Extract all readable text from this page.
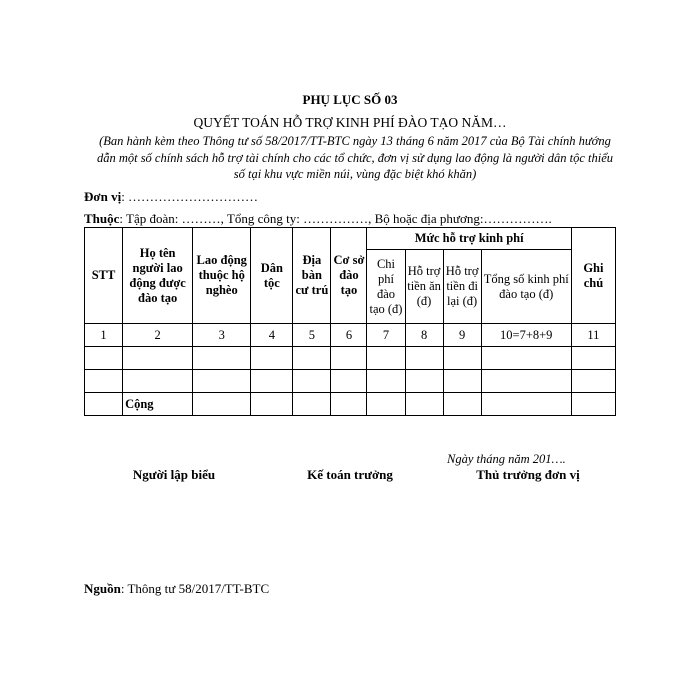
PHỤ LỤC SỐ 03
QUYẾT TOÁN HỖ TRỢ KINH PHÍ ĐÀO TẠO NĂM…
(Ban hành kèm theo Thông tư số 58/2017/TT-BTC ngày 13 tháng 6 năm 2017 của Bộ Tài chính hướng dẫn một số chính sách hỗ trợ tài chính cho các tổ chức, đơn vị sử dụng lao động là người dân tộc thiểu số tại khu vực miền núi, vùng đặc biệt khó khăn)
Đơn vị: …………………………
Thuộc: Tập đoàn: ………, Tổng công ty: ……………, Bộ hoặc địa phương:…………….
STT	Họ tên người lao động được đào tạo	Lao động thuộc hộ nghèo	Dân tộc	Địa bàn cư trú	Cơ sở đào tạo	Mức hỗ trợ kinh phí				Ghi chú
						Chi phí đào tạo (đ)	Hỗ trợ tiền ăn (đ)	Hỗ trợ tiền đi lại (đ)	Tổng số kinh phí đào tạo (đ)	
1	2	3	4	5	6	7	8	9	10=7+8+9	11

	Cộng									
Ngày tháng năm 201….
Người lập biểu	Kế toán trưởng	Thủ trưởng đơn vị
Nguồn: Thông tư 58/2017/TT-BTC
